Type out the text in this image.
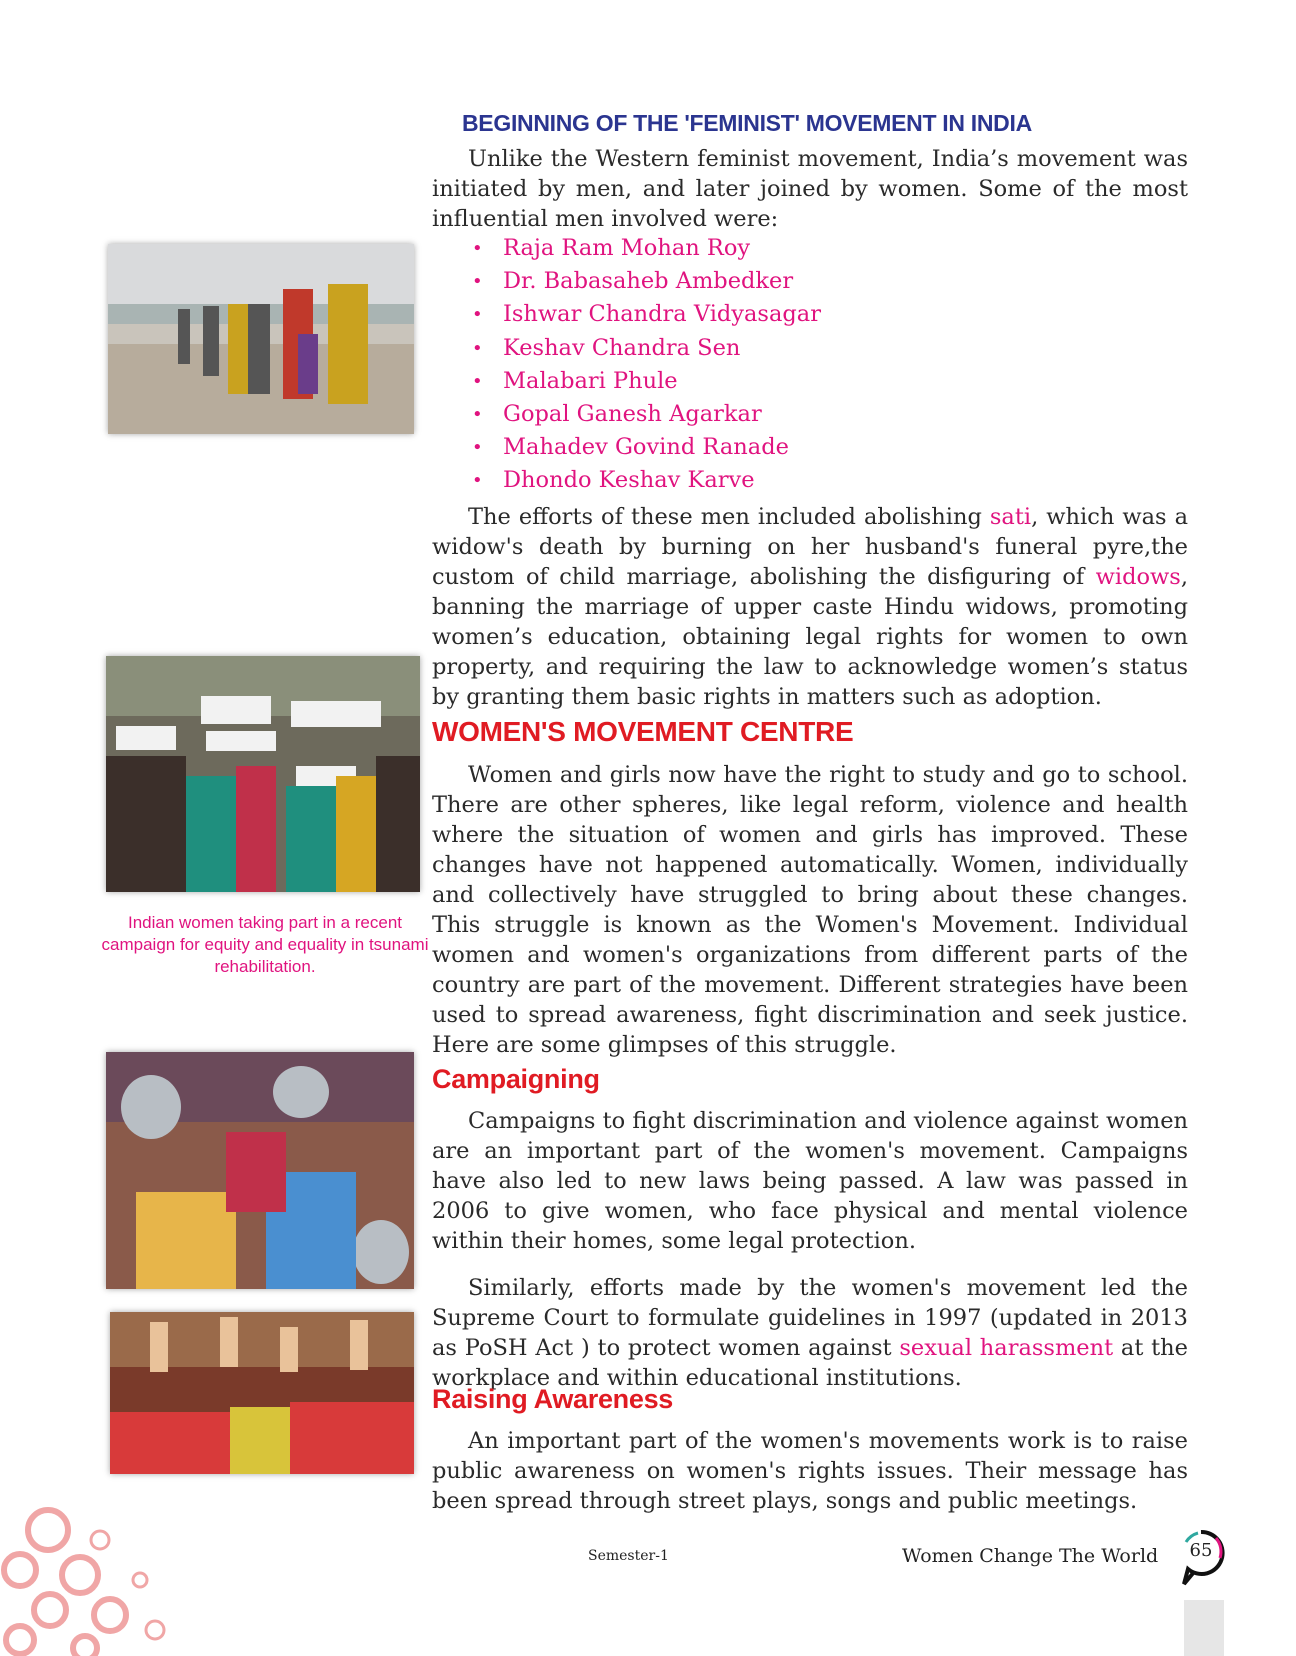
Indian women taking part in a recent campaign for equity and equality in tsunami rehabilitation.
BEGINNING OF THE 'FEMINIST' MOVEMENT IN INDIA
Unlike the Western feminist movement, India’s movement was initiated by men, and later joined by women. Some of the most influential men involved were:
• Raja Ram Mohan Roy
• Dr. Babasaheb Ambedker
• Ishwar Chandra Vidyasagar
• Keshav Chandra Sen
• Malabari Phule
• Gopal Ganesh Agarkar
• Mahadev Govind Ranade
• Dhondo Keshav Karve
The efforts of these men included abolishing sati, which was a widow's death by burning on her husband's funeral pyre,the custom of child marriage, abolishing the disfiguring of widows, banning the marriage of upper caste Hindu widows, promoting women’s education, obtaining legal rights for women to own property, and requiring the law to acknowledge women’s status by granting them basic rights in matters such as adoption.
WOMEN'S MOVEMENT CENTRE
Women and girls now have the right to study and go to school. There are other spheres, like legal reform, violence and health where the situation of women and girls has improved. These changes have not happened automatically. Women, individually and collectively have struggled to bring about these changes. This struggle is known as the Women's Movement. Individual women and women's organizations from different parts of the country are part of the movement. Different strategies have been used to spread awareness, fight discrimination and seek justice. Here are some glimpses of this struggle.
Campaigning
Campaigns to fight discrimination and violence against women are an important part of the women's movement. Campaigns have also led to new laws being passed. A law was passed in 2006 to give women, who face physical and mental violence within their homes, some legal protection.
Similarly, efforts made by the women's movement led the Supreme Court to formulate guidelines in 1997 (updated in 2013 as PoSH Act ) to protect women against sexual harassment at the workplace and within educational institutions.
Raising Awareness
An important part of the women's movements work is to raise public awareness on women's rights issues. Their message has been spread through street plays, songs and public meetings.
Semester-1	Women Change The World	65
